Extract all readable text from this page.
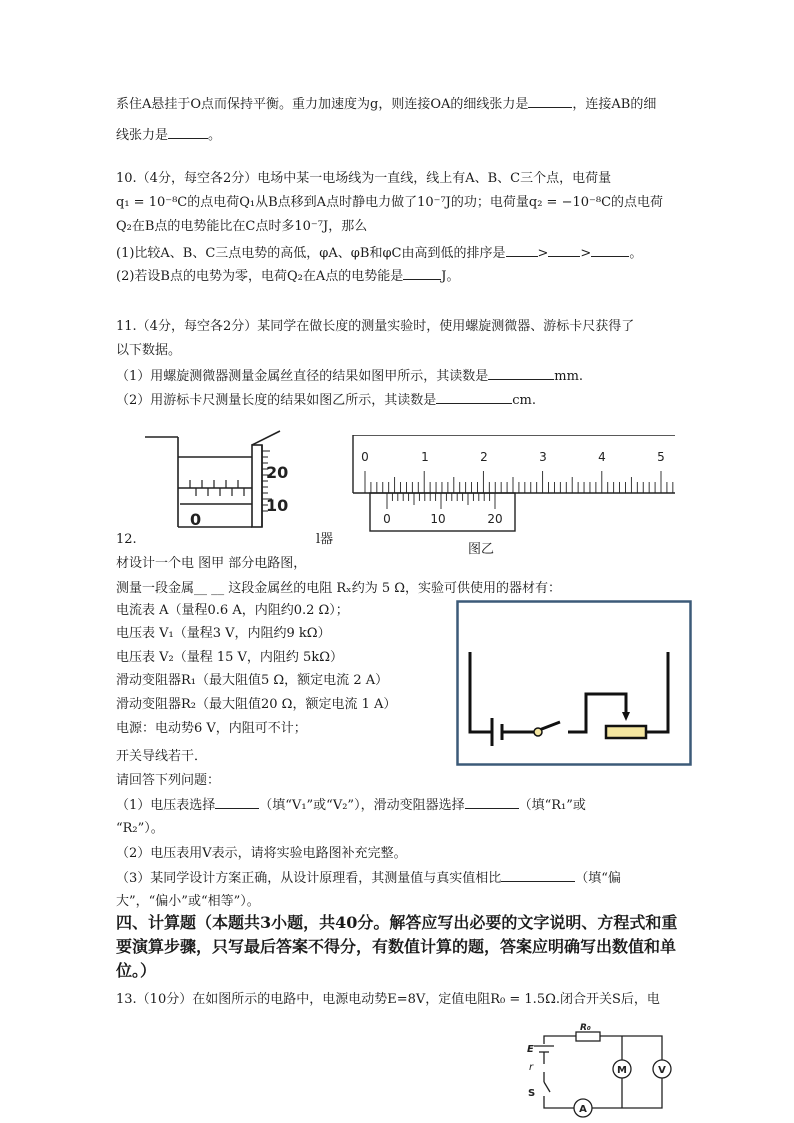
系住A悬挂于O点而保持平衡。重力加速度为g，则连接OA的细线张力是	，连接AB的细
线张力是	。
10.（4分，每空各2分）电场中某一电场线为一直线，线上有A、B、C三个点，电荷量
q₁ = 10⁻⁸C的点电荷Q₁从B点移到A点时静电力做了10⁻⁷J的功；电荷量q₂ = −10⁻⁸C的点电荷
Q₂在B点的电势能比在C点时多10⁻⁷J，那么
(1)比较A、B、C三点电势的高低，φA、φB和φC由高到低的排序是 > >	。
(2)若设B点的电势为零，电荷Q₂在A点的电势能是	J。
11.（4分，每空各2分）某同学在做长度的测量实验时，使用螺旋测微器、游标卡尺获得了
以下数据。
（1）用螺旋测微器测量金属丝直径的结果如图甲所示，其读数是	mm.
（2）用游标卡尺测量长度的结果如图乙所示，其读数是	cm.
20
10
0
0	1	2	3	4	5
0	10	20
图乙
12.	l器
材设计一个电 图甲 部分电路图，
测量一段金属__ __ 这段金属丝的电阻 Rₓ约为 5 Ω，实验可供使用的器材有：
电流表 A（量程0.6 A，内阻约0.2 Ω）；
电压表 V₁（量程3 V，内阻约9 kΩ）
电压表 V₂（量程 15 V，内阻约 5kΩ）
滑动变阻器R₁（最大阻值5 Ω，额定电流 2 A）
滑动变阻器R₂（最大阻值20 Ω，额定电流 1 A）
电源：电动势6 V，内阻可不计；
开关导线若干．
请回答下列问题：
（1）电压表选择	（填“V₁”或“V₂”），滑动变阻器选择	（填“R₁”或
“R₂”）。
（2）电压表用V表示，请将实验电路图补充完整。
（3）某同学设计方案正确，从设计原理看，其测量值与真实值相比	（填“偏
大”，“偏小”或“相等”）。
四、计算题（本题共3小题，共40分。解答应写出必要的文字说明、方程式和重
要演算步骤，只写最后答案不得分，有数值计算的题，答案应明确写出数值和单
位。）
13.（10分）在如图所示的电路中，电源电动势E=8V，定值电阻R₀ = 1.5Ω.闭合开关S后，电
E
r
S
R₀
M	V
A
